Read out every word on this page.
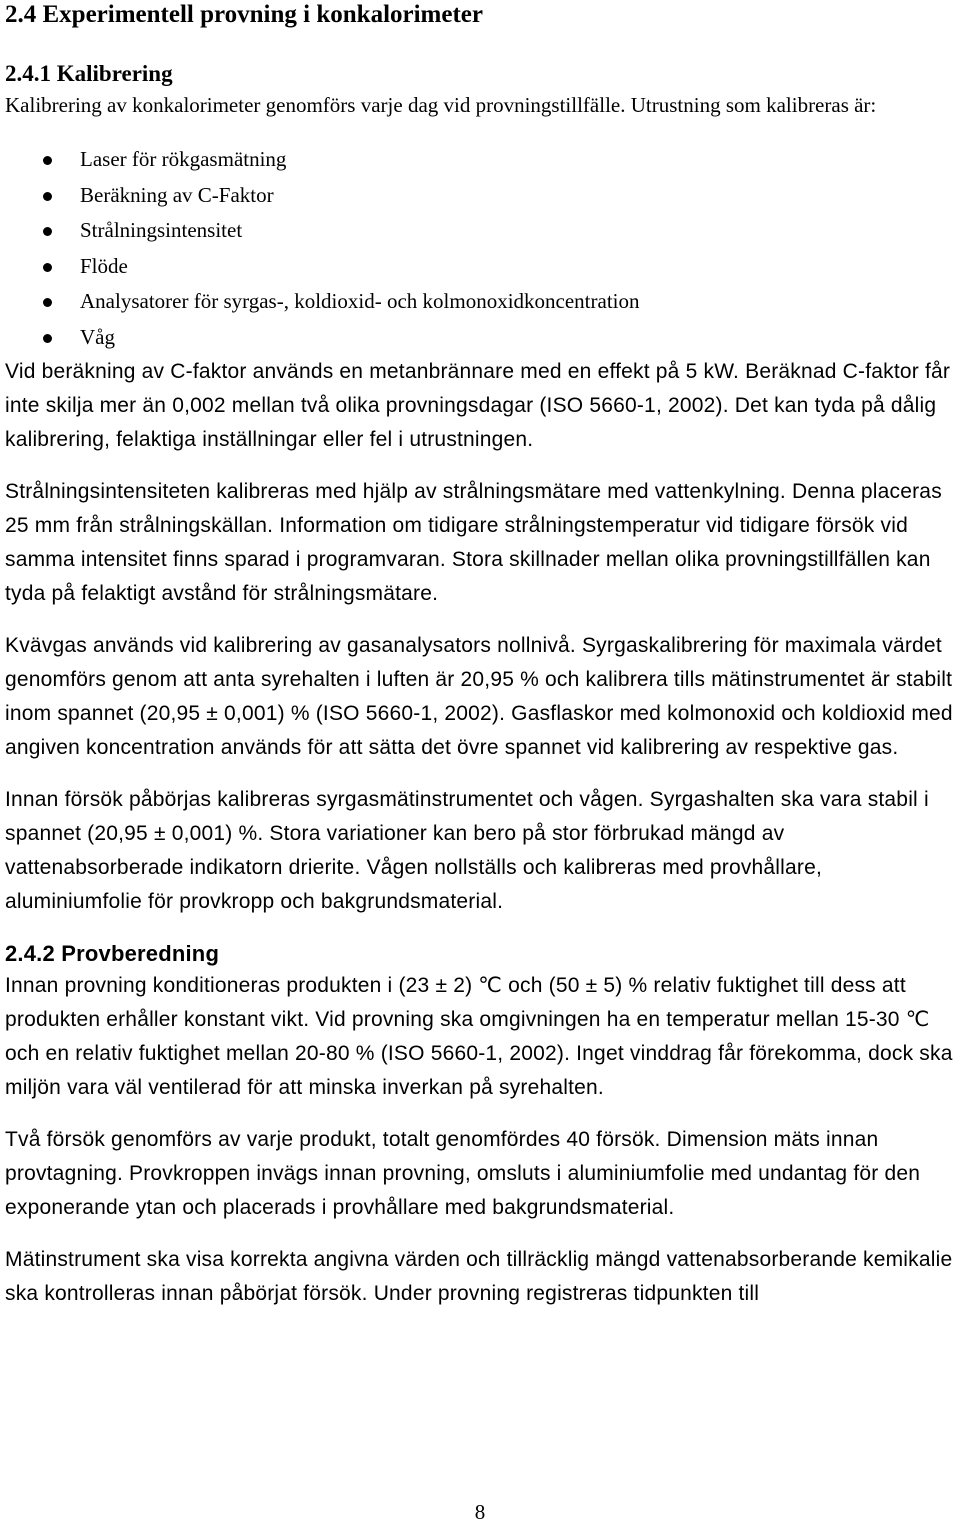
2.4 Experimentell provning i konkalorimeter
2.4.1 Kalibrering

Kalibrering av konkalorimeter genomförs varje dag vid provningstillfälle. Utrustning som kalibreras är:

Laser för rökgasmätning
Beräkning av C-Faktor
Strålningsintensitet
Flöde
Analysatorer för syrgas-, koldioxid- och kolmonoxidkoncentration
Våg

Vid beräkning av C-faktor används en metanbrännare med en effekt på 5 kW. Beräknad C-faktor får inte skilja mer än 0,002 mellan två olika provningsdagar (ISO 5660-1, 2002). Det kan tyda på dålig kalibrering, felaktiga inställningar eller fel i utrustningen.

Strålningsintensiteten kalibreras med hjälp av strålningsmätare med vattenkylning. Denna placeras 25 mm från strålningskällan. Information om tidigare strålningstemperatur vid tidigare försök vid samma intensitet finns sparad i programvaran. Stora skillnader mellan olika provningstillfällen kan tyda på felaktigt avstånd för strålningsmätare.

Kvävgas används vid kalibrering av gasanalysators nollnivå. Syrgaskalibrering för maximala värdet genomförs genom att anta syrehalten i luften är 20,95 % och kalibrera tills mätinstrumentet är stabilt inom spannet (20,95 ± 0,001) % (ISO 5660-1, 2002). Gasflaskor med kolmonoxid och koldioxid med angiven koncentration används för att sätta det övre spannet vid kalibrering av respektive gas.

Innan försök påbörjas kalibreras syrgasmätinstrumentet och vågen. Syrgashalten ska vara stabil i spannet (20,95 ± 0,001) %. Stora variationer kan bero på stor förbrukad mängd av vattenabsorberade indikatorn drierite. Vågen nollställs och kalibreras med provhållare, aluminiumfolie för provkropp och bakgrundsmaterial.

2.4.2 Provberedning

Innan provning konditioneras produkten i (23 ± 2) ℃ och (50 ± 5) % relativ fuktighet till dess att produkten erhåller konstant vikt. Vid provning ska omgivningen ha en temperatur mellan 15-30 ℃ och en relativ fuktighet mellan 20-80 % (ISO 5660-1, 2002). Inget vinddrag får förekomma, dock ska miljön vara väl ventilerad för att minska inverkan på syrehalten.

Två försök genomförs av varje produkt, totalt genomfördes 40 försök. Dimension mäts innan provtagning. Provkroppen invägs innan provning, omsluts i aluminiumfolie med undantag för den exponerande ytan och placerads i provhållare med bakgrundsmaterial.

Mätinstrument ska visa korrekta angivna värden och tillräcklig mängd vattenabsorberande kemikalie ska kontrolleras innan påbörjat försök. Under provning registreras tidpunkten till

8
